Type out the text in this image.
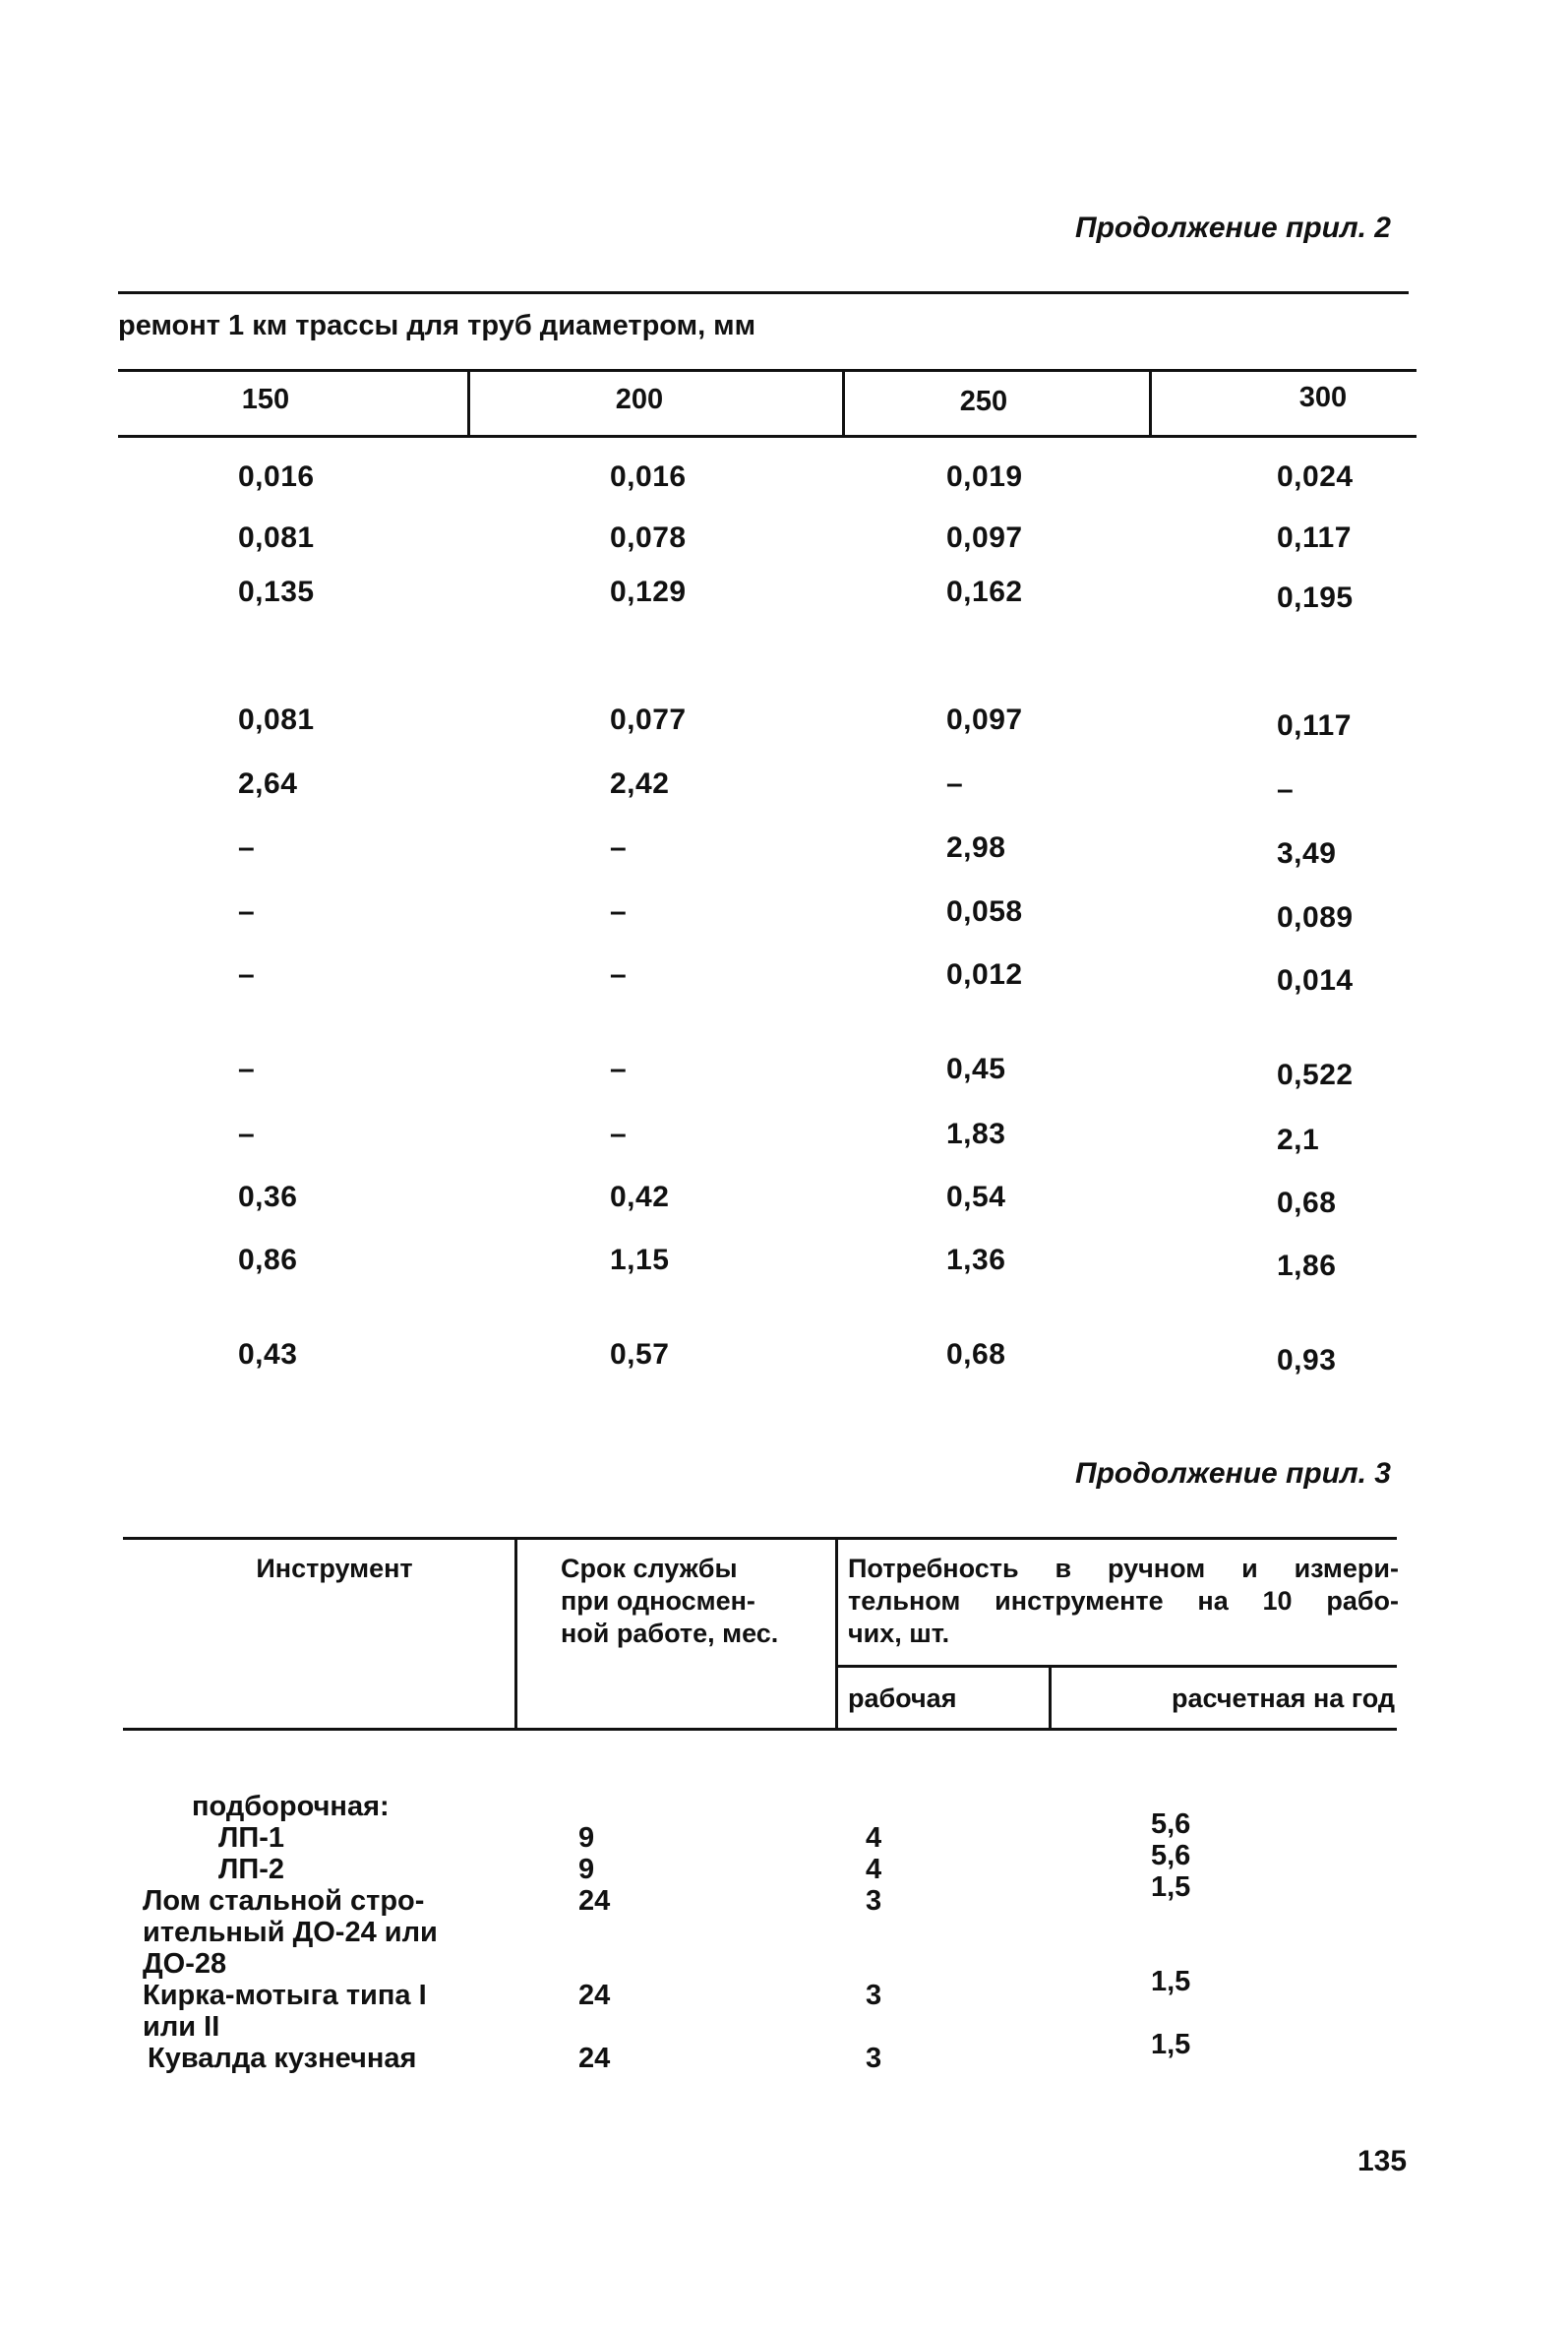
Продолжение прил. 2
ремонт 1 км трассы для труб диаметром, мм
150	200	250	300
0,016	0,016	0,019	0,024
0,081	0,078	0,097	0,117
0,135	0,129	0,162	0,195
0,081	0,077	0,097	0,117
2,64	2,42	–	–
–	–	2,98	3,49
–	–	0,058	0,089
–	–	0,012	0,014
–	–	0,45	0,522
–	–	1,83	2,1
0,36	0,42	0,54	0,68
0,86	1,15	1,36	1,86
0,43	0,57	0,68	0,93
Продолжение прил. 3
Инструмент	Срок службы
при односмен-
ной работе, мес.
Потребность в ручном и измери-
тельном инструменте на 10 рабо-
чих, шт.
рабочая	расчетная на год
подборочная:
ЛП-1	9	4	5,6
ЛП-2	9	4	5,6
Лом стальной стро-
ительный ДО-24 или
ДО-28
24	3	1,5
Кирка-мотыга типа I
или II
24	3	1,5
Кувалда кузнечная	24	3	1,5
135
